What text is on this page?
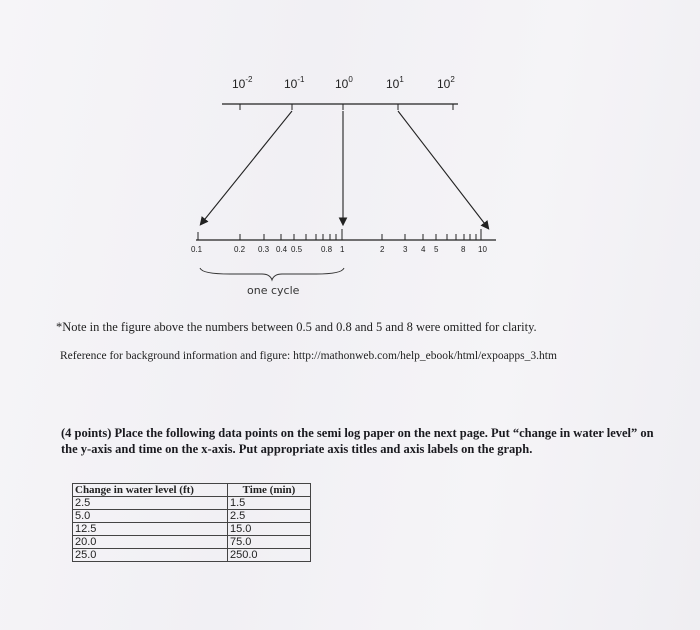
$10^{-2}$	$10^{-1}$	$10^0$	$10^1$	$10^2$
0.1	0.2 0.3 0.4 0.5 0.8 1	2 3 4 5	8 10
one cycle
*Note in the figure above the numbers between 0.5 and 0.8 and 5 and 8 were omitted for clarity.
Reference for background information and figure: http://mathonweb.com/help_ebook/html/expoapps_3.htm
(4 points) Place the following data points on the semi log paper on the next page. Put “change in water level” on the y-axis and time on the x-axis. Put appropriate axis titles and axis labels on the graph.
Change in water level (ft)	Time (min)
2.5	1.5
5.0	2.5
12.5	15.0
20.0	75.0
25.0	250.0
